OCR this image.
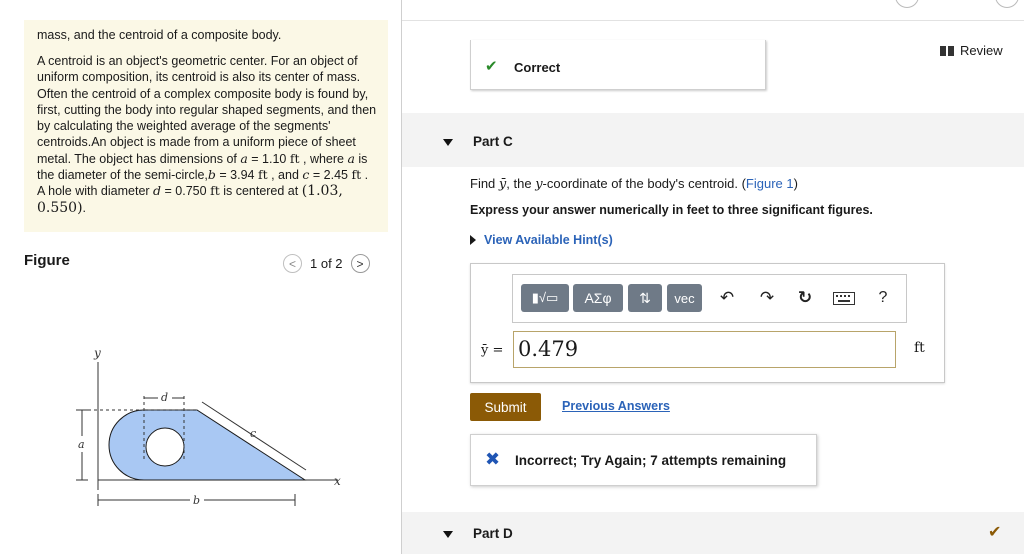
mass, and the centroid of a composite body.

A centroid is an object's geometric center. For an object of uniform composition, its centroid is also its center of mass. Often the centroid of a complex composite body is found by, first, cutting the body into regular shaped segments, and then by calculating the weighted average of the segments' centroids.An object is made from a uniform piece of sheet metal. The object has dimensions of a = 1.10 ft , where a is the diameter of the semi-circle,b = 3.94 ft , and c = 2.45 ft . A hole with diameter d = 0.750 ft is centered at (1.03, 0.550).

Figure	<	1 of 2	>
y
x
a
d
c
b
Review
✔ Correct
Part C
Find ȳ, the y-coordinate of the body's centroid. (Figure 1)
Express your answer numerically in feet to three significant figures.
View Available Hint(s)
▮√▭	ΑΣφ	⇅	vec	↶ ↷ ↻	?
ȳ = 0.479	ft
Submit	Previous Answers
✖ Incorrect; Try Again; 7 attempts remaining
Part D	✔
